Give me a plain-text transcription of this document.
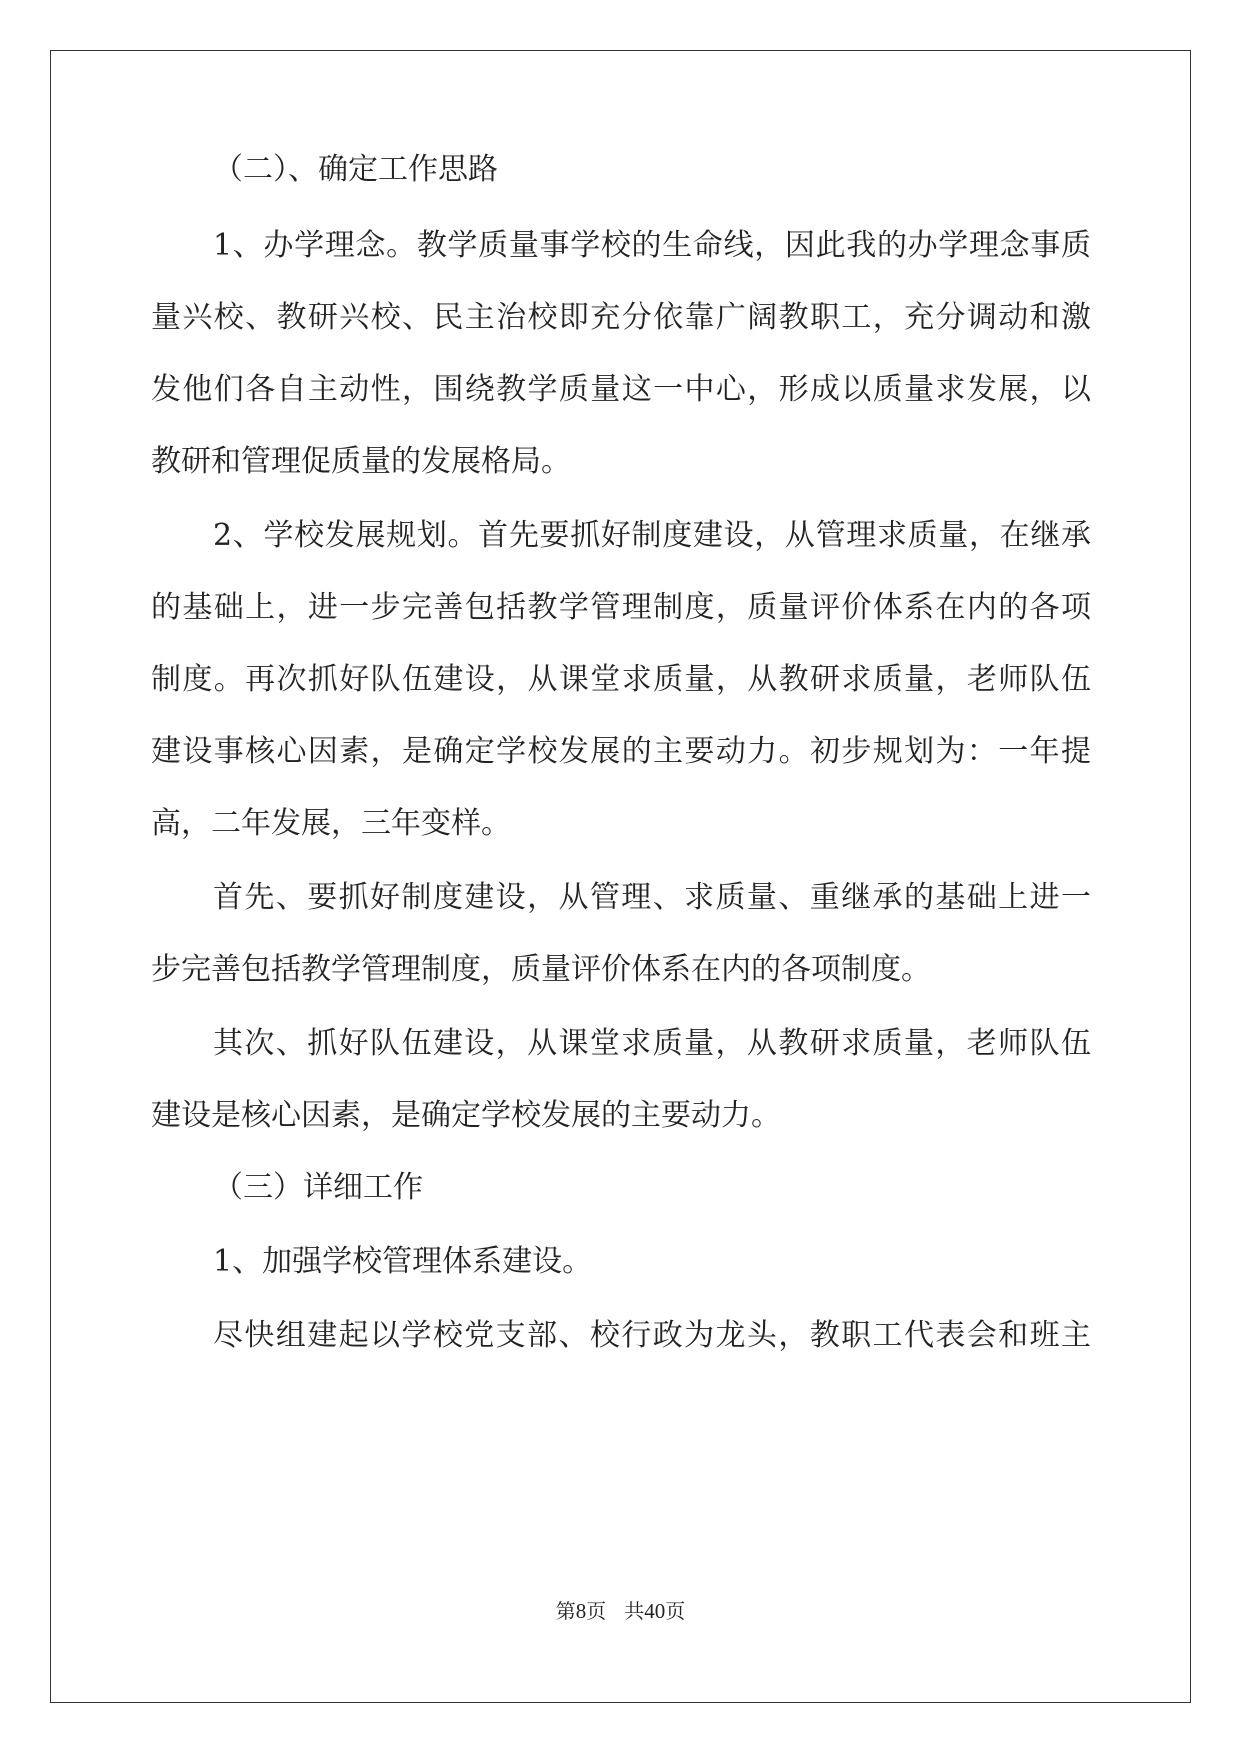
（二）、确定工作思路

1、办学理念。教学质量事学校的生命线，因此我的办学理念事质

量兴校、教研兴校、民主治校即充分依靠广阔教职工，充分调动和激

发他们各自主动性，围绕教学质量这一中心，形成以质量求发展，以

教研和管理促质量的发展格局。

2、学校发展规划。首先要抓好制度建设，从管理求质量，在继承

的基础上，进一步完善包括教学管理制度，质量评价体系在内的各项

制度。再次抓好队伍建设，从课堂求质量，从教研求质量，老师队伍

建设事核心因素，是确定学校发展的主要动力。初步规划为：一年提

高，二年发展，三年变样。

首先、要抓好制度建设，从管理、求质量、重继承的基础上进一

步完善包括教学管理制度，质量评价体系在内的各项制度。

其次、抓好队伍建设，从课堂求质量，从教研求质量，老师队伍

建设是核心因素，是确定学校发展的主要动力。

（三）详细工作

1、加强学校管理体系建设。

尽快组建起以学校党支部、校行政为龙头，教职工代表会和班主

第8页 共40页
